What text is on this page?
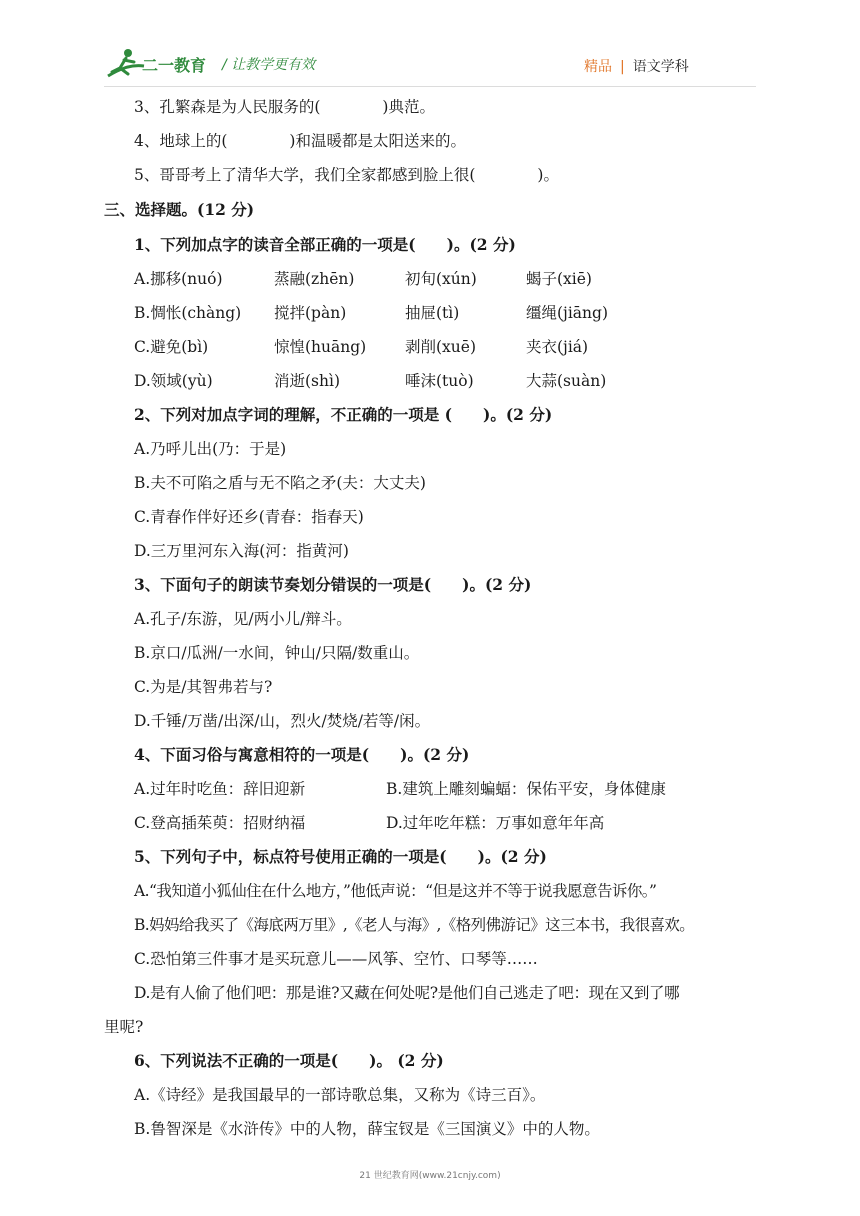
二一教育 / 让教学更有效	精品 | 语文学科
3、孔繁森是为人民服务的(　　　　)典范。
4、地球上的(　　　　)和温暖都是太阳送来的。
5、哥哥考上了清华大学，我们全家都感到脸上很(　　　　)。
三、选择题。(12 分)
1、下列加点字的读音全部正确的一项是(　　)。(2 分)
A.挪移(nuó)	蒸融(zhēn)	初旬(xún)	蝎子(xiē)
B.惆怅(chàng)	搅拌(pàn)	抽屉(tì)	缰绳(jiāng)
C.避免(bì)	惊惶(huāng)	剥削(xuē)	夹衣(jiá)
D.领域(yù)	消逝(shì)	唾沫(tuò)	大蒜(suàn)
2、下列对加点字词的理解，不正确的一项是 (　　)。(2 分)
A.乃呼儿出(乃：于是)
B.夫不可陷之盾与无不陷之矛(夫：大丈夫)
C.青春作伴好还乡(青春：指春天)
D.三万里河东入海(河：指黄河)
3、下面句子的朗读节奏划分错误的一项是(　　)。(2 分)
A.孔子/东游，见/两小儿/辩斗。
B.京口/瓜洲/一水间，钟山/只隔/数重山。
C.为是/其智弗若与?
D.千锤/万凿/出深/山，烈火/焚烧/若等/闲。
4、下面习俗与寓意相符的一项是(　　)。(2 分)
A.过年时吃鱼：辞旧迎新	B.建筑上雕刻蝙蝠：保佑平安，身体健康
C.登高插茱萸：招财纳福	D.过年吃年糕：万事如意年年高
5、下列句子中，标点符号使用正确的一项是(　　)。(2 分)
A.“我知道小狐仙住在什么地方，”他低声说：“但是这并不等于说我愿意告诉你。”
B.妈妈给我买了《海底两万里》,《老人与海》,《格列佛游记》这三本书，我很喜欢。
C.恐怕第三件事才是买玩意儿——风筝、空竹、口琴等……
D.是有人偷了他们吧：那是谁?又藏在何处呢?是他们自己逃走了吧：现在又到了哪
里呢?
6、下列说法不正确的一项是(　　)。 (2 分)
A.《诗经》是我国最早的一部诗歌总集，又称为《诗三百》。
B.鲁智深是《水浒传》中的人物，薛宝钗是《三国演义》中的人物。
21 世纪教育网(www.21cnjy.com)
